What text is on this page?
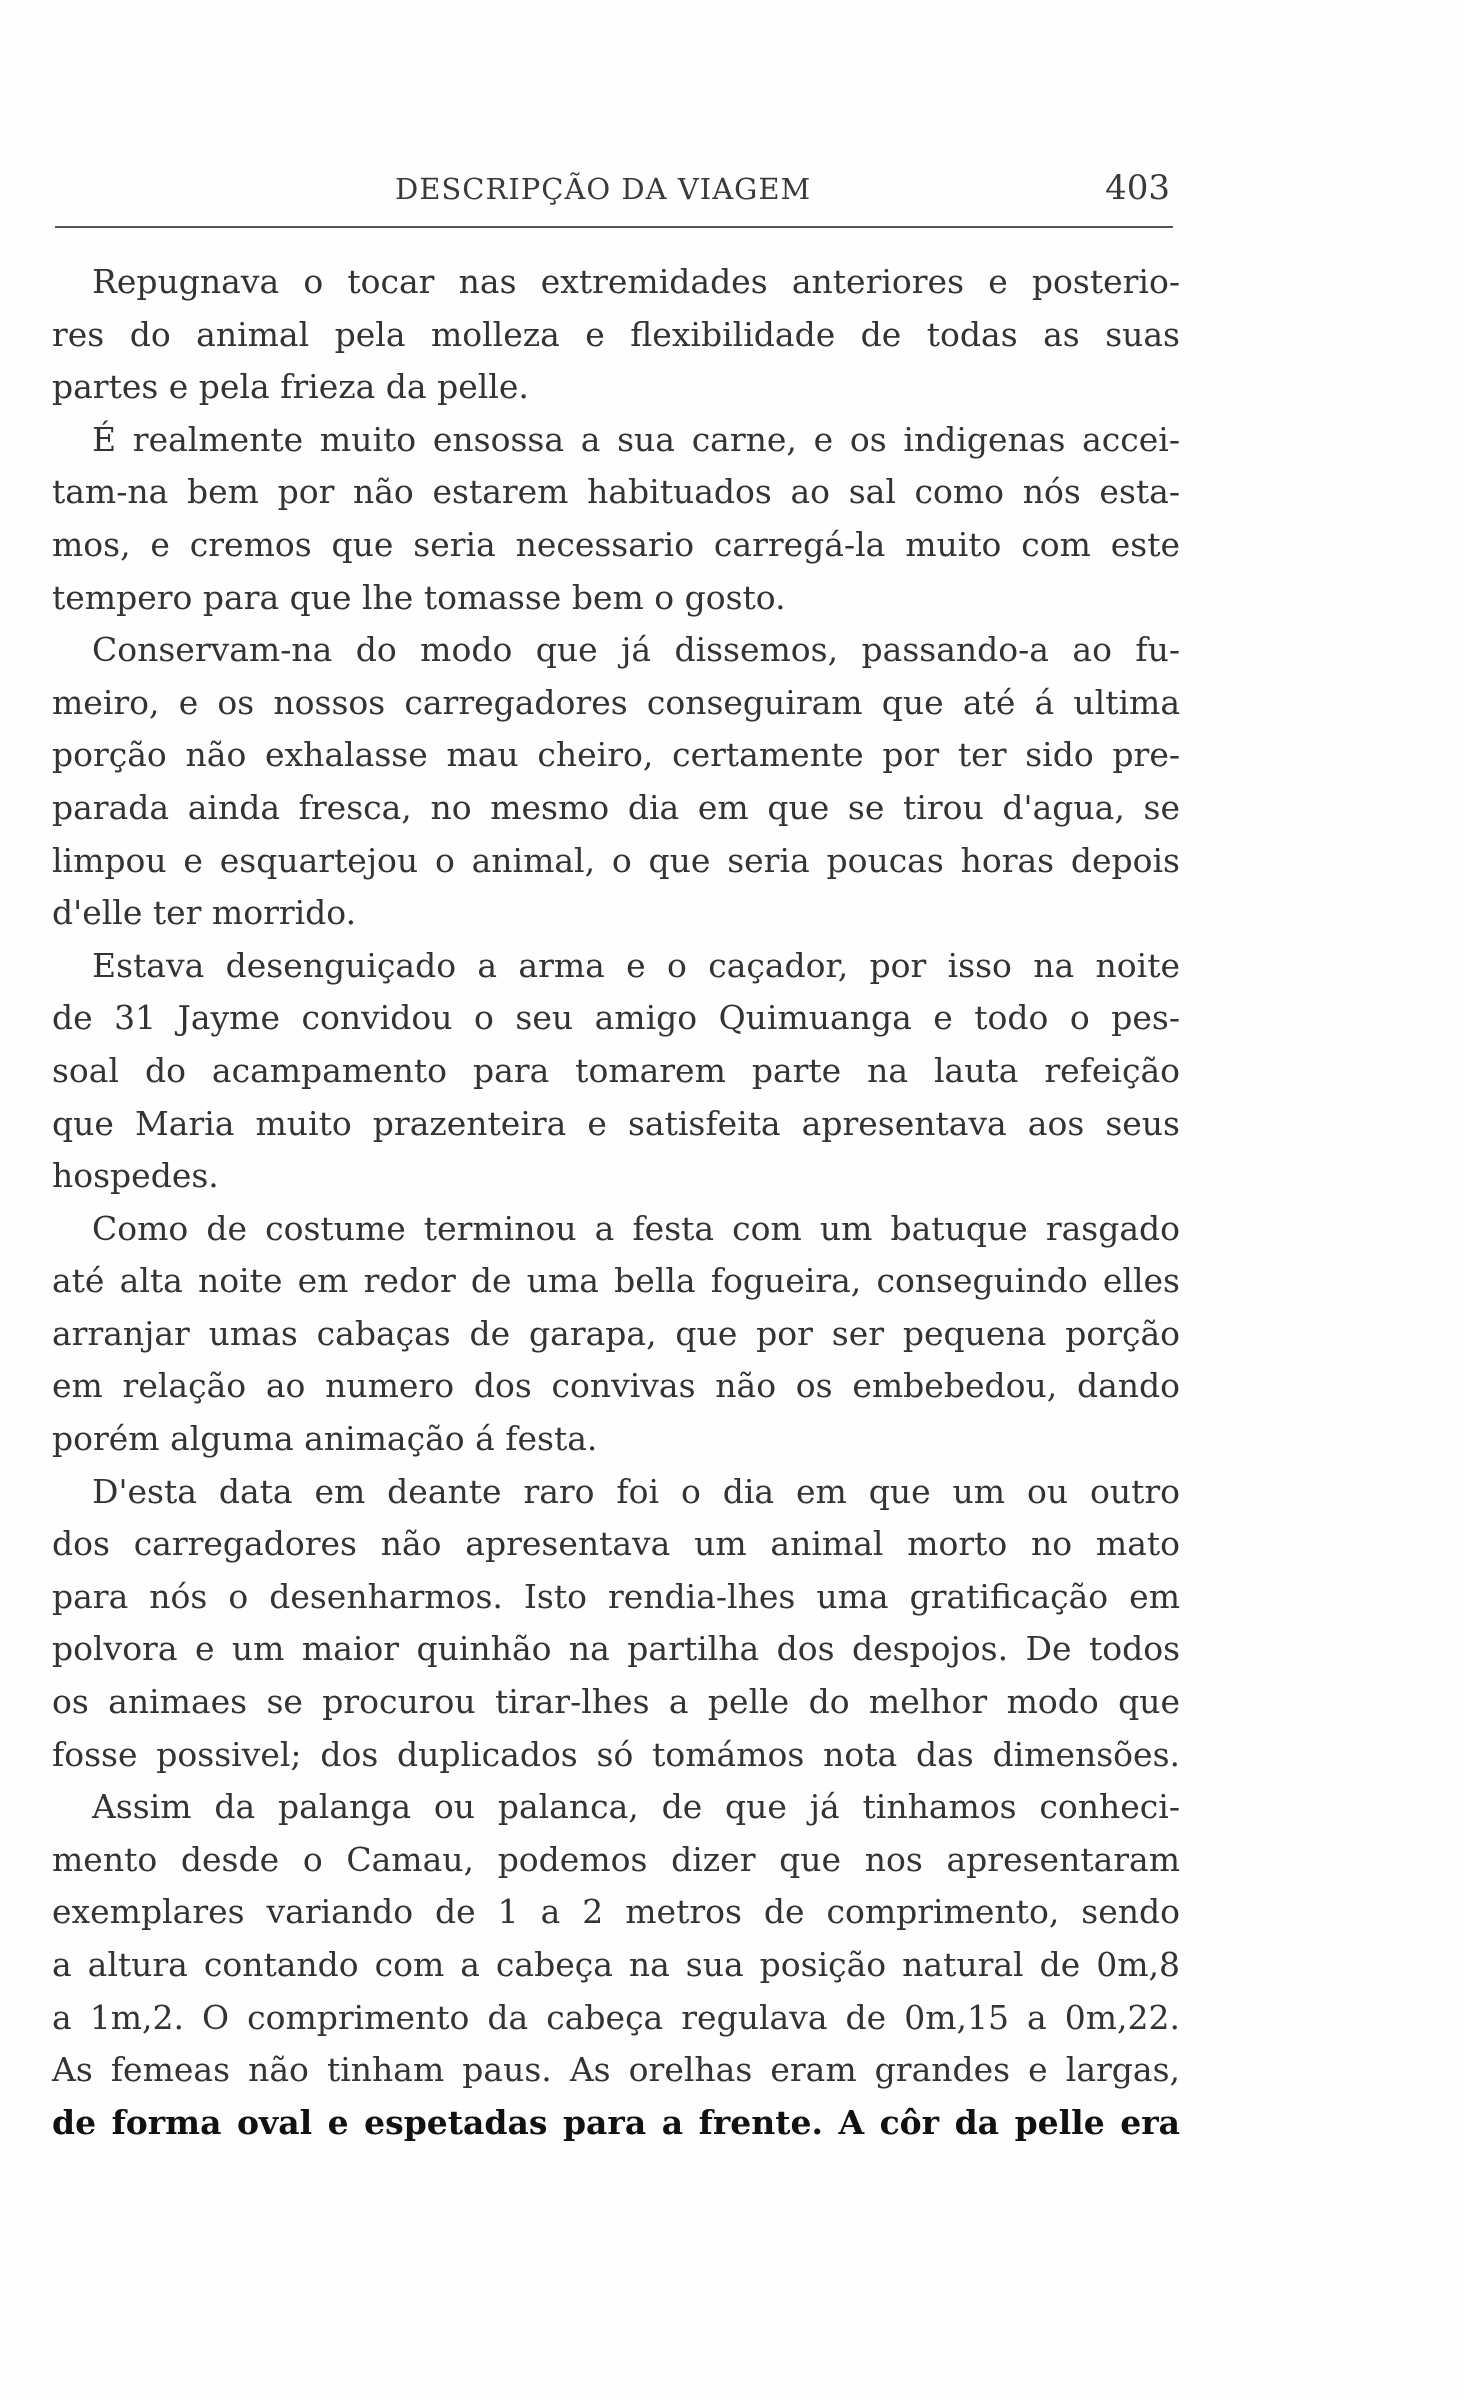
DESCRIPÇÃO DA VIAGEM	403
Repugnava o tocar nas extremidades anteriores e posterio-
res do animal pela molleza e flexibilidade de todas as suas
partes e pela frieza da pelle.
É realmente muito ensossa a sua carne, e os indigenas accei-
tam-na bem por não estarem habituados ao sal como nós esta-
mos, e cremos que seria necessario carregá-la muito com este
tempero para que lhe tomasse bem o gosto.
Conservam-na do modo que já dissemos, passando-a ao fu-
meiro, e os nossos carregadores conseguiram que até á ultima
porção não exhalasse mau cheiro, certamente por ter sido pre-
parada ainda fresca, no mesmo dia em que se tirou d'agua, se
limpou e esquartejou o animal, o que seria poucas horas depois
d'elle ter morrido.
Estava desenguiçado a arma e o caçador, por isso na noite
de 31 Jayme convidou o seu amigo Quimuanga e todo o pes-
soal do acampamento para tomarem parte na lauta refeição
que Maria muito prazenteira e satisfeita apresentava aos seus
hospedes.
Como de costume terminou a festa com um batuque rasgado
até alta noite em redor de uma bella fogueira, conseguindo elles
arranjar umas cabaças de garapa, que por ser pequena porção
em relação ao numero dos convivas não os embebedou, dando
porém alguma animação á festa.
D'esta data em deante raro foi o dia em que um ou outro
dos carregadores não apresentava um animal morto no mato
para nós o desenharmos. Isto rendia-lhes uma gratificação em
polvora e um maior quinhão na partilha dos despojos. De todos
os animaes se procurou tirar-lhes a pelle do melhor modo que
fosse possivel; dos duplicados só tomámos nota das dimensões.
Assim da palanga ou palanca, de que já tinhamos conheci-
mento desde o Camau, podemos dizer que nos apresentaram
exemplares variando de 1 a 2 metros de comprimento, sendo
a altura contando com a cabeça na sua posição natural de 0m,8
a 1m,2. O comprimento da cabeça regulava de 0m,15 a 0m,22.
As femeas não tinham paus. As orelhas eram grandes e largas,
de forma oval e espetadas para a frente. A côr da pelle era
